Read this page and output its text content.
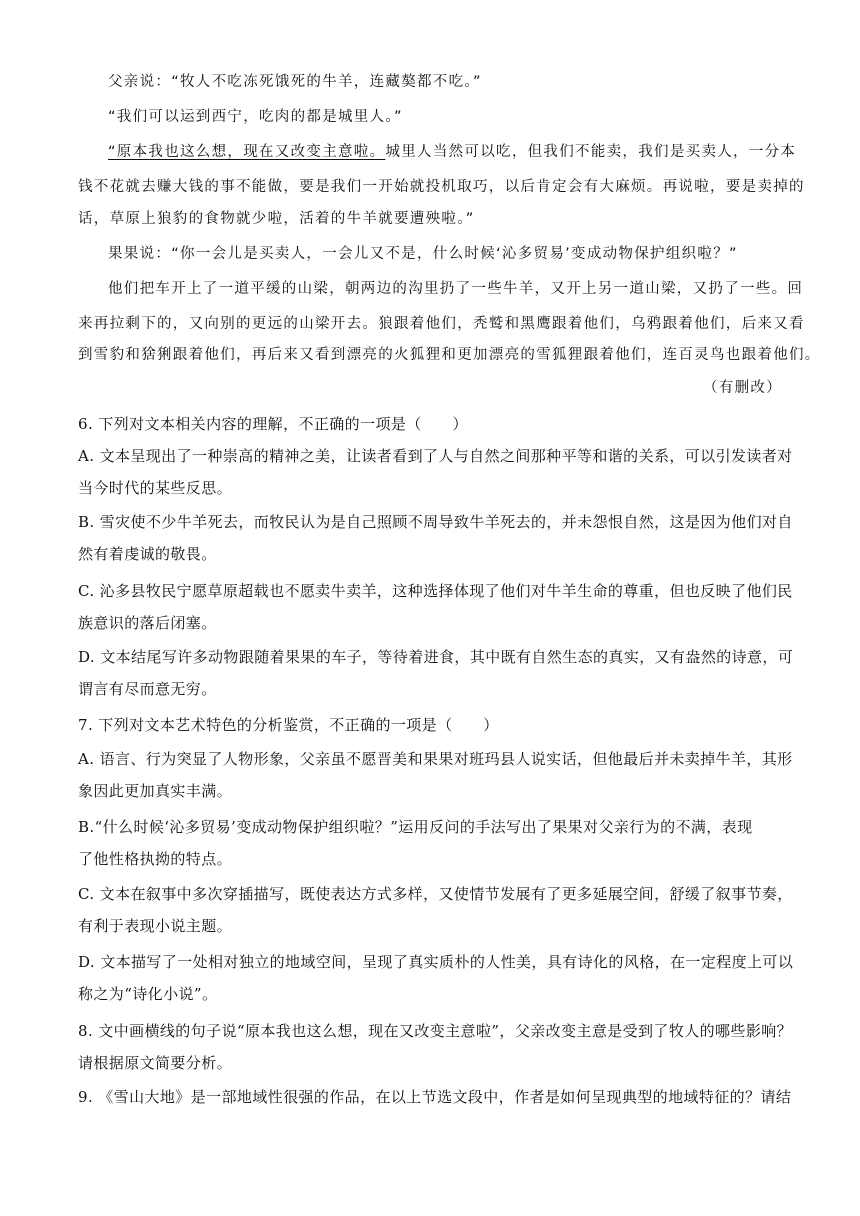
父亲说：“牧人不吃冻死饿死的牛羊，连藏獒都不吃。”
“我们可以运到西宁，吃肉的都是城里人。”
“原本我也这么想，现在又改变主意啦。城里人当然可以吃，但我们不能卖，我们是买卖人，一分本
钱不花就去赚大钱的事不能做，要是我们一开始就投机取巧，以后肯定会有大麻烦。再说啦，要是卖掉的
话，草原上狼豹的食物就少啦，活着的牛羊就要遭殃啦。”
果果说：“你一会儿是买卖人，一会儿又不是，什么时候‘沁多贸易’变成动物保护组织啦？”
他们把车开上了一道平缓的山梁，朝两边的沟里扔了一些牛羊，又开上另一道山梁，又扔了一些。回
来再拉剩下的，又向别的更远的山梁开去。狼跟着他们，秃鹫和黑鹰跟着他们，乌鸦跟着他们，后来又看
到雪豹和猞猁跟着他们，再后来又看到漂亮的火狐狸和更加漂亮的雪狐狸跟着他们，连百灵鸟也跟着他们。
（有删改）
6. 下列对文本相关内容的理解，不正确的一项是（　　）
A. 文本呈现出了一种崇高的精神之美，让读者看到了人与自然之间那种平等和谐的关系，可以引发读者对
当今时代的某些反思。
B. 雪灾使不少牛羊死去，而牧民认为是自己照顾不周导致牛羊死去的，并未怨恨自然，这是因为他们对自
然有着虔诚的敬畏。
C. 沁多县牧民宁愿草原超载也不愿卖牛卖羊，这种选择体现了他们对牛羊生命的尊重，但也反映了他们民
族意识的落后闭塞。
D. 文本结尾写许多动物跟随着果果的车子，等待着进食，其中既有自然生态的真实，又有盎然的诗意，可
谓言有尽而意无穷。
7. 下列对文本艺术特色的分析鉴赏，不正确的一项是（　　）
A. 语言、行为突显了人物形象，父亲虽不愿晋美和果果对班玛县人说实话，但他最后并未卖掉牛羊，其形
象因此更加真实丰满。
B.“什么时候‘沁多贸易’变成动物保护组织啦？”运用反问的手法写出了果果对父亲行为的不满，表现
了他性格执拗的特点。
C. 文本在叙事中多次穿插描写，既使表达方式多样，又使情节发展有了更多延展空间，舒缓了叙事节奏，
有利于表现小说主题。
D. 文本描写了一处相对独立的地域空间，呈现了真实质朴的人性美，具有诗化的风格，在一定程度上可以
称之为“诗化小说”。
8. 文中画横线的句子说“原本我也这么想，现在又改变主意啦”，父亲改变主意是受到了牧人的哪些影响？
请根据原文简要分析。
9. 《雪山大地》是一部地域性很强的作品，在以上节选文段中，作者是如何呈现典型的地域特征的？请结
